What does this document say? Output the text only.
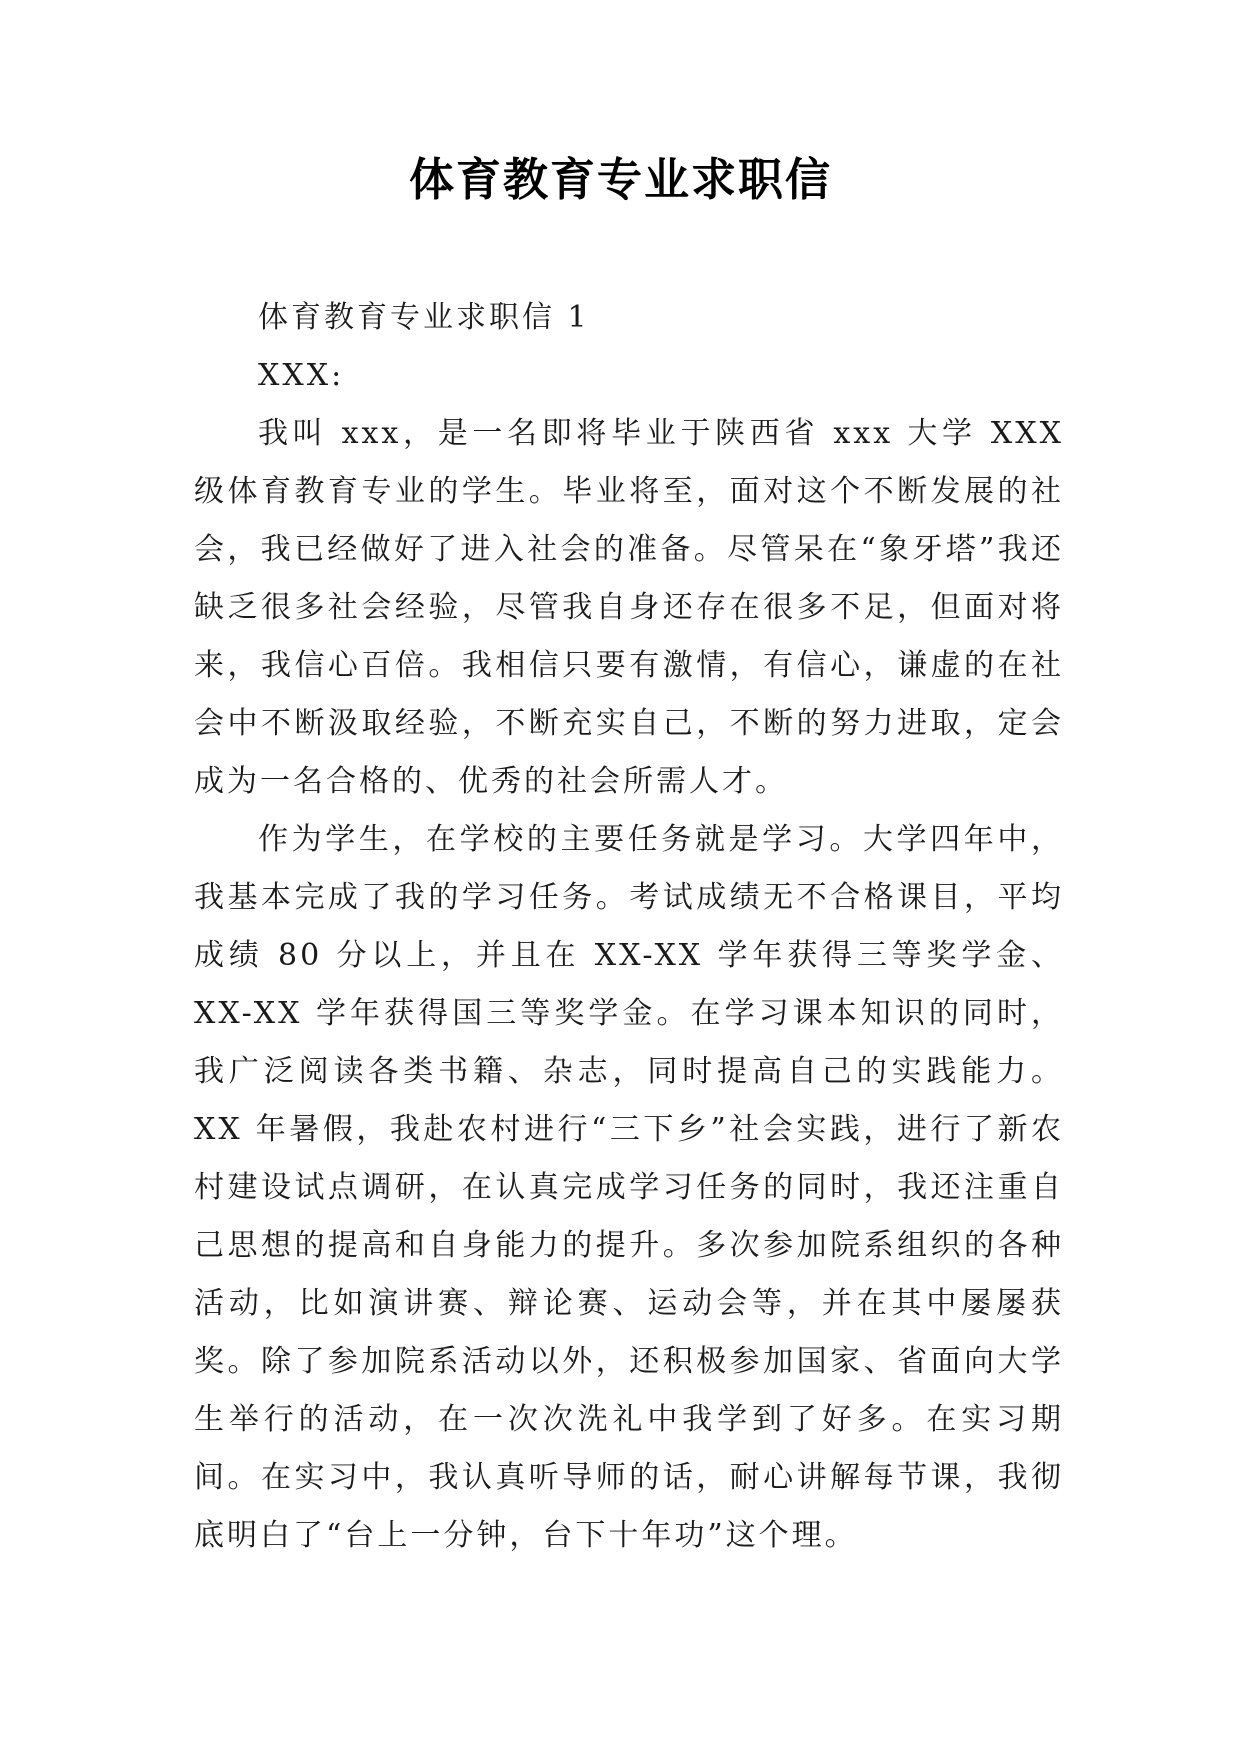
体育教育专业求职信

体育教育专业求职信 1

XXX:

我叫 xxx，是一名即将毕业于陕西省 xxx 大学 XXX 级体育教育专业的学生。毕业将至，面对这个不断发展的社会，我已经做好了进入社会的准备。尽管呆在“象牙塔”我还缺乏很多社会经验，尽管我自身还存在很多不足，但面对将来，我信心百倍。我相信只要有激情，有信心，谦虚的在社会中不断汲取经验，不断充实自己，不断的努力进取，定会成为一名合格的、优秀的社会所需人才。

作为学生，在学校的主要任务就是学习。大学四年中，我基本完成了我的学习任务。考试成绩无不合格课目，平均成绩 80 分以上，并且在 XX-XX 学年获得三等奖学金、XX-XX 学年获得国三等奖学金。在学习课本知识的同时，我广泛阅读各类书籍、杂志，同时提高自己的实践能力。XX 年暑假，我赴农村进行“三下乡”社会实践，进行了新农村建设试点调研，在认真完成学习任务的同时，我还注重自己思想的提高和自身能力的提升。多次参加院系组织的各种活动，比如演讲赛、辩论赛、运动会等，并在其中屡屡获奖。除了参加院系活动以外，还积极参加国家、省面向大学生举行的活动，在一次次洗礼中我学到了好多。在实习期间。在实习中，我认真听导师的话，耐心讲解每节课，我彻底明白了“台上一分钟，台下十年功”这个理。
